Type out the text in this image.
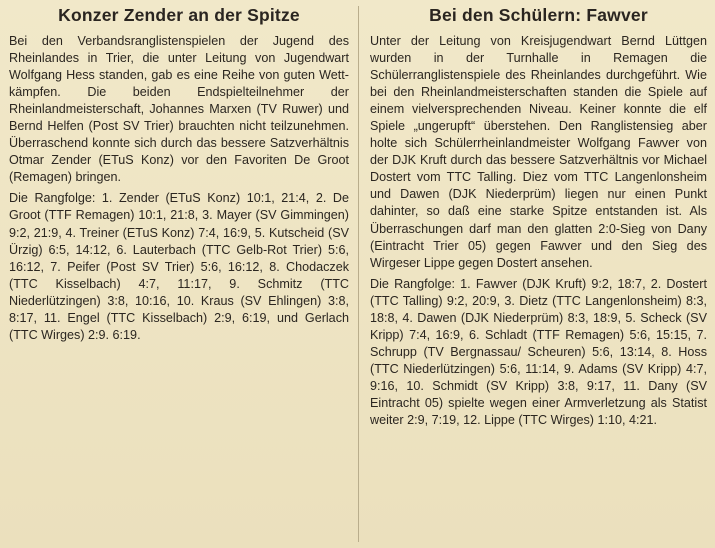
Konzer Zender an der Spitze

Bei den Verbandsranglistenspielen der Jugend des Rheinlandes in Trier, die unter Leitung von Jugendwart Wolfgang Hess standen, gab es eine Reihe von guten Wettkämpfen. Die beiden Endspielteilnehmer der Rheinlandmeisterschaft, Johannes Marxen (TV Ruwer) und Bernd Helfen (Post SV Trier) brauchten nicht teilzunehmen. Überraschend konnte sich durch das bessere Satzverhältnis Otmar Zender (ETuS Konz) vor den Favoriten De Groot (Remagen) bringen.

Die Rangfolge: 1. Zender (ETuS Konz) 10:1, 21:4, 2. De Groot (TTF Remagen) 10:1, 21:8, 3. Mayer (SV Gimmingen) 9:2, 21:9, 4. Treiner (ETuS Konz) 7:4, 16:9, 5. Kutscheid (SV Ürzig) 6:5, 14:12, 6. Lauterbach (TTC Gelb-Rot Trier) 5:6, 16:12, 7. Peifer (Post SV Trier) 5:6, 16:12, 8. Chodaczek (TTC Kisselbach) 4:7, 11:17, 9. Schmitz (TTC Niederlützingen) 3:8, 10:16, 10. Kraus (SV Ehlingen) 3:8, 8:17, 11. Engel (TTC Kisselbach) 2:9, 6:19, und Gerlach (TTC Wirges) 2:9. 6:19.

Bei den Schülern: Fawver

Unter der Leitung von Kreisjugendwart Bernd Lüttgen wurden in der Turnhalle in Remagen die Schülerranglistenspiele des Rheinlandes durchgeführt. Wie bei den Rheinlandmeisterschaften standen die Spiele auf einem vielversprechenden Niveau. Keiner konnte die elf Spiele „ungerupft“ überstehen. Den Ranglistensieg aber holte sich Schülerrheinlandmeister Wolfgang Fawver von der DJK Kruft durch das bessere Satzverhältnis vor Michael Dostert vom TTC Talling. Diez vom TTC Langenlonsheim und Dawen (DJK Niederprüm) liegen nur einen Punkt dahinter, so daß eine starke Spitze entstanden ist. Als Überraschungen darf man den glatten 2:0-Sieg von Dany (Eintracht Trier 05) gegen Fawver und den Sieg des Wirgeser Lippe gegen Dostert ansehen.

Die Rangfolge: 1. Fawver (DJK Kruft) 9:2, 18:7, 2. Dostert (TTC Talling) 9:2, 20:9, 3. Dietz (TTC Langenlonsheim) 8:3, 18:8, 4. Dawen (DJK Niederprüm) 8:3, 18:9, 5. Scheck (SV Kripp) 7:4, 16:9, 6. Schladt (TTF Remagen) 5:6, 15:15, 7. Schrupp (TV Bergnassau/ Scheuren) 5:6, 13:14, 8. Hoss (TTC Niederlützingen) 5:6, 11:14, 9. Adams (SV Kripp) 4:7, 9:16, 10. Schmidt (SV Kripp) 3:8, 9:17, 11. Dany (SV Eintracht 05) spielte wegen einer Armverletzung als Statist weiter 2:9, 7:19, 12. Lippe (TTC Wirges) 1:10, 4:21.
